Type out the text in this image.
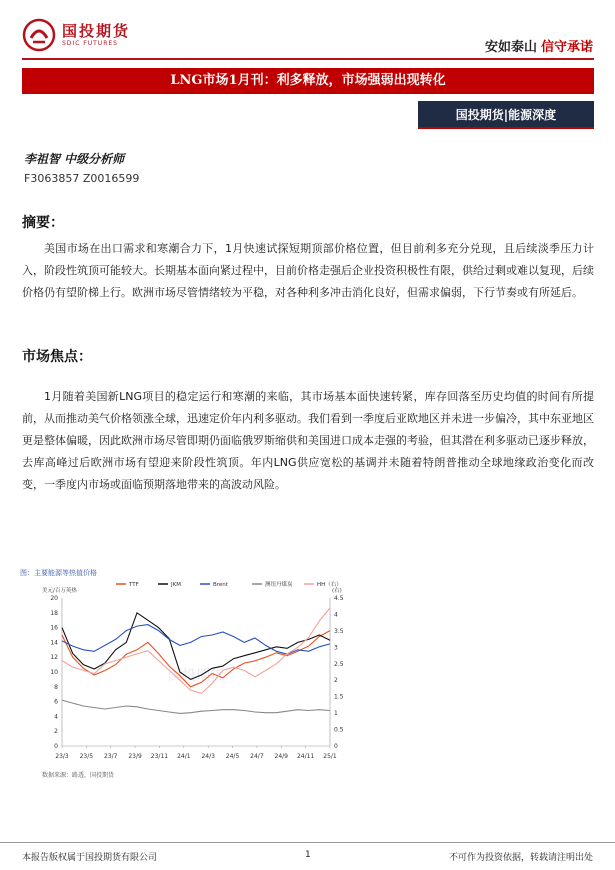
国投期货
SDIC FUTURES	安如泰山 信守承诺
LNG市场1月刊：利多释放，市场强弱出现转化
国投期货|能源深度
李祖智 中级分析师
F3063857 Z0016599
摘要：
美国市场在出口需求和寒潮合力下，1月快速试探短期顶部价格位置，但目前利多充分兑现，且后续淡季压力计入，阶段性筑顶可能较大。长期基本面向紧过程中，目前价格走强后企业投资积极性有限，供给过剩或难以复现，后续价格仍有望阶梯上行。欧洲市场尽管情绪较为平稳，对各种利多冲击消化良好，但需求偏弱，下行节奏或有所延后。
市场焦点：
1月随着美国新LNG项目的稳定运行和寒潮的来临，其市场基本面快速转紧，库存回落至历史均值的时间有所提前，从而推动美气价格领涨全球，迅速定价年内利多驱动。我们看到一季度后亚欧地区并未进一步偏冷，其中东亚地区更是整体偏暖，因此欧洲市场尽管即期仍面临俄罗斯缩供和美国进口成本走强的考验，但其潜在利多驱动已逐步释放，去库高峰过后欧洲市场有望迎来阶段性筑顶。年内LNG供应宽松的基调并未随着特朗普推动全球地缘政治变化而改变，一季度内市场或面临预期落地带来的高波动风险。
图：主要能源等热值价格
0
2
4
6
8
10
12
14
16
18
20
0
0.5
1
1.5
2
2.5
3
3.5
4
4.5
23/3 23/5 23/7 23/9 23/11 24/1 24/3 24/5 24/7 24/9 24/11 25/1
美元/百万英热	(右)
国投期货
TTF	JKM	Brent	澳纽丹煤炭	HH（右）
数据来源：路透，国投期货
本报告版权属于国投期货有限公司	1	不可作为投资依据，转载请注明出处
